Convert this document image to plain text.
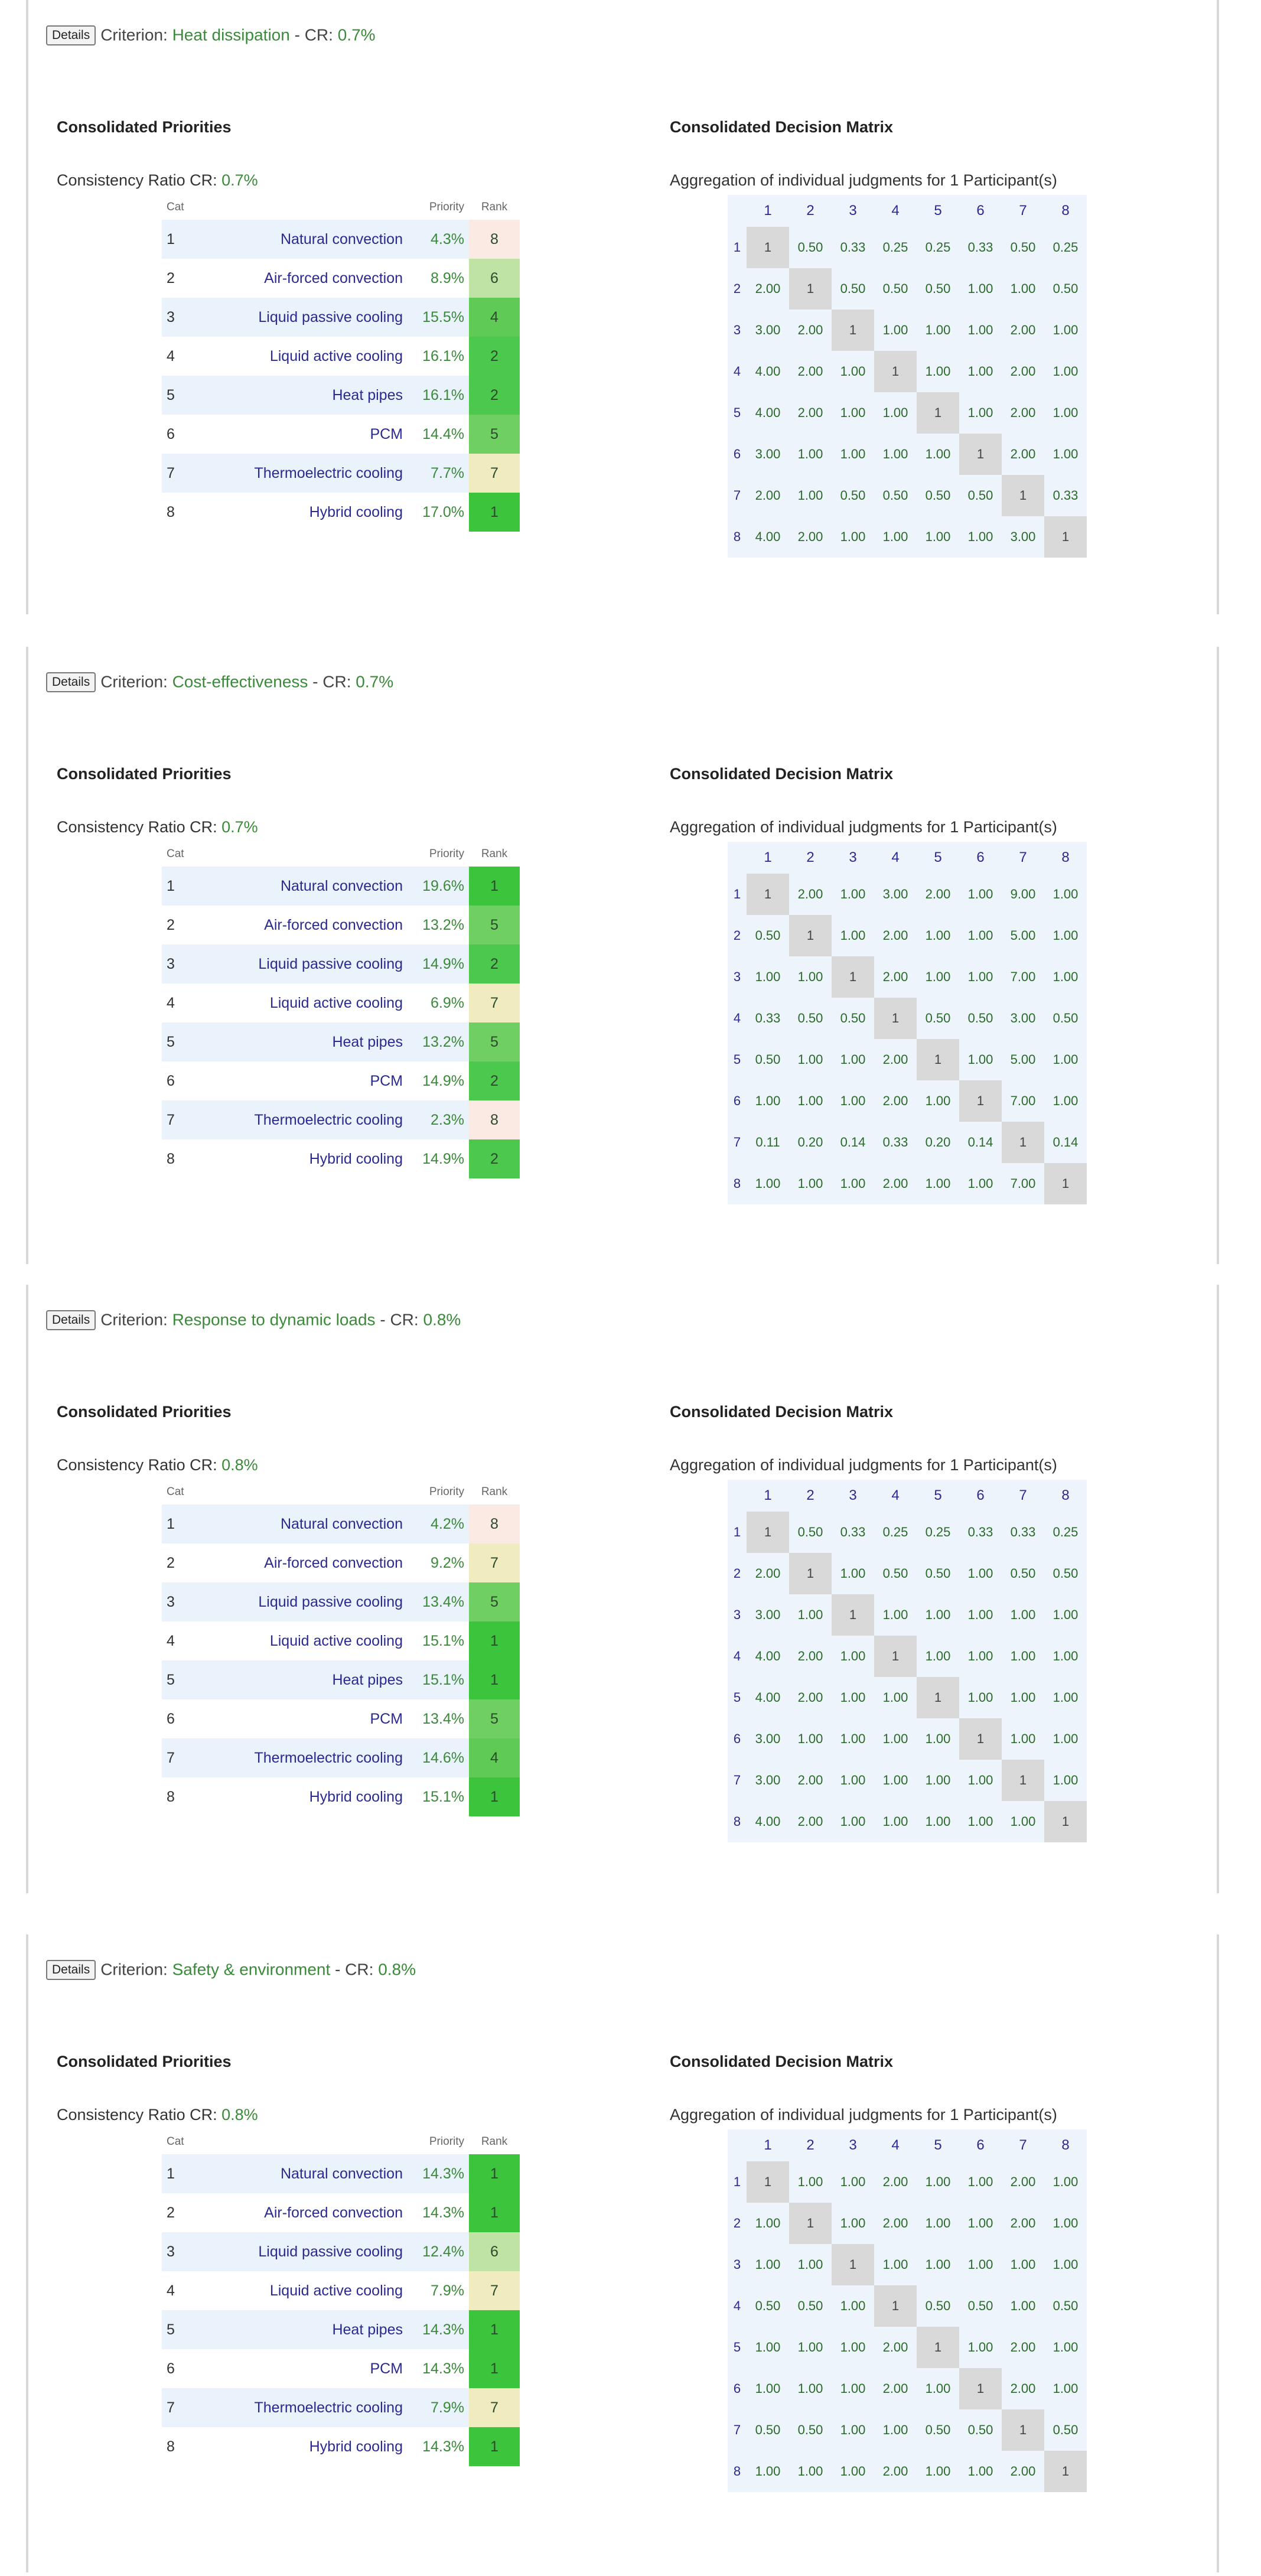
Details Criterion: Heat dissipation - CR: 0.7%
Consolidated Priorities	Consolidated Decision Matrix
Consistency Ratio CR: 0.7%	Aggregation of individual judgments for 1 Participant(s)
Cat		Priority	Rank
1	Natural convection	4.3%	8
2	Air-forced convection	8.9%	6
3	Liquid passive cooling	15.5%	4
4	Liquid active cooling	16.1%	2
5	Heat pipes	16.1%	2
6	PCM	14.4%	5
7	Thermoelectric cooling	7.7%	7
8	Hybrid cooling	17.0%	1
	1	2	3	4	5	6	7	8
1	1	0.50	0.33	0.25	0.25	0.33	0.50	0.25
2	2.00	1	0.50	0.50	0.50	1.00	1.00	0.50
3	3.00	2.00	1	1.00	1.00	1.00	2.00	1.00
4	4.00	2.00	1.00	1	1.00	1.00	2.00	1.00
5	4.00	2.00	1.00	1.00	1	1.00	2.00	1.00
6	3.00	1.00	1.00	1.00	1.00	1	2.00	1.00
7	2.00	1.00	0.50	0.50	0.50	0.50	1	0.33
8	4.00	2.00	1.00	1.00	1.00	1.00	3.00	1
Details Criterion: Cost-effectiveness - CR: 0.7%
Consolidated Priorities	Consolidated Decision Matrix
Consistency Ratio CR: 0.7%	Aggregation of individual judgments for 1 Participant(s)
Cat		Priority	Rank
1	Natural convection	19.6%	1
2	Air-forced convection	13.2%	5
3	Liquid passive cooling	14.9%	2
4	Liquid active cooling	6.9%	7
5	Heat pipes	13.2%	5
6	PCM	14.9%	2
7	Thermoelectric cooling	2.3%	8
8	Hybrid cooling	14.9%	2
	1	2	3	4	5	6	7	8
1	1	2.00	1.00	3.00	2.00	1.00	9.00	1.00
2	0.50	1	1.00	2.00	1.00	1.00	5.00	1.00
3	1.00	1.00	1	2.00	1.00	1.00	7.00	1.00
4	0.33	0.50	0.50	1	0.50	0.50	3.00	0.50
5	0.50	1.00	1.00	2.00	1	1.00	5.00	1.00
6	1.00	1.00	1.00	2.00	1.00	1	7.00	1.00
7	0.11	0.20	0.14	0.33	0.20	0.14	1	0.14
8	1.00	1.00	1.00	2.00	1.00	1.00	7.00	1
Details Criterion: Response to dynamic loads - CR: 0.8%
Consolidated Priorities	Consolidated Decision Matrix
Consistency Ratio CR: 0.8%	Aggregation of individual judgments for 1 Participant(s)
Cat		Priority	Rank
1	Natural convection	4.2%	8
2	Air-forced convection	9.2%	7
3	Liquid passive cooling	13.4%	5
4	Liquid active cooling	15.1%	1
5	Heat pipes	15.1%	1
6	PCM	13.4%	5
7	Thermoelectric cooling	14.6%	4
8	Hybrid cooling	15.1%	1
	1	2	3	4	5	6	7	8
1	1	0.50	0.33	0.25	0.25	0.33	0.33	0.25
2	2.00	1	1.00	0.50	0.50	1.00	0.50	0.50
3	3.00	1.00	1	1.00	1.00	1.00	1.00	1.00
4	4.00	2.00	1.00	1	1.00	1.00	1.00	1.00
5	4.00	2.00	1.00	1.00	1	1.00	1.00	1.00
6	3.00	1.00	1.00	1.00	1.00	1	1.00	1.00
7	3.00	2.00	1.00	1.00	1.00	1.00	1	1.00
8	4.00	2.00	1.00	1.00	1.00	1.00	1.00	1
Details Criterion: Safety & environment - CR: 0.8%
Consolidated Priorities	Consolidated Decision Matrix
Consistency Ratio CR: 0.8%	Aggregation of individual judgments for 1 Participant(s)
Cat		Priority	Rank
1	Natural convection	14.3%	1
2	Air-forced convection	14.3%	1
3	Liquid passive cooling	12.4%	6
4	Liquid active cooling	7.9%	7
5	Heat pipes	14.3%	1
6	PCM	14.3%	1
7	Thermoelectric cooling	7.9%	7
8	Hybrid cooling	14.3%	1
	1	2	3	4	5	6	7	8
1	1	1.00	1.00	2.00	1.00	1.00	2.00	1.00
2	1.00	1	1.00	2.00	1.00	1.00	2.00	1.00
3	1.00	1.00	1	1.00	1.00	1.00	1.00	1.00
4	0.50	0.50	1.00	1	0.50	0.50	1.00	0.50
5	1.00	1.00	1.00	2.00	1	1.00	2.00	1.00
6	1.00	1.00	1.00	2.00	1.00	1	2.00	1.00
7	0.50	0.50	1.00	1.00	0.50	0.50	1	0.50
8	1.00	1.00	1.00	2.00	1.00	1.00	2.00	1
